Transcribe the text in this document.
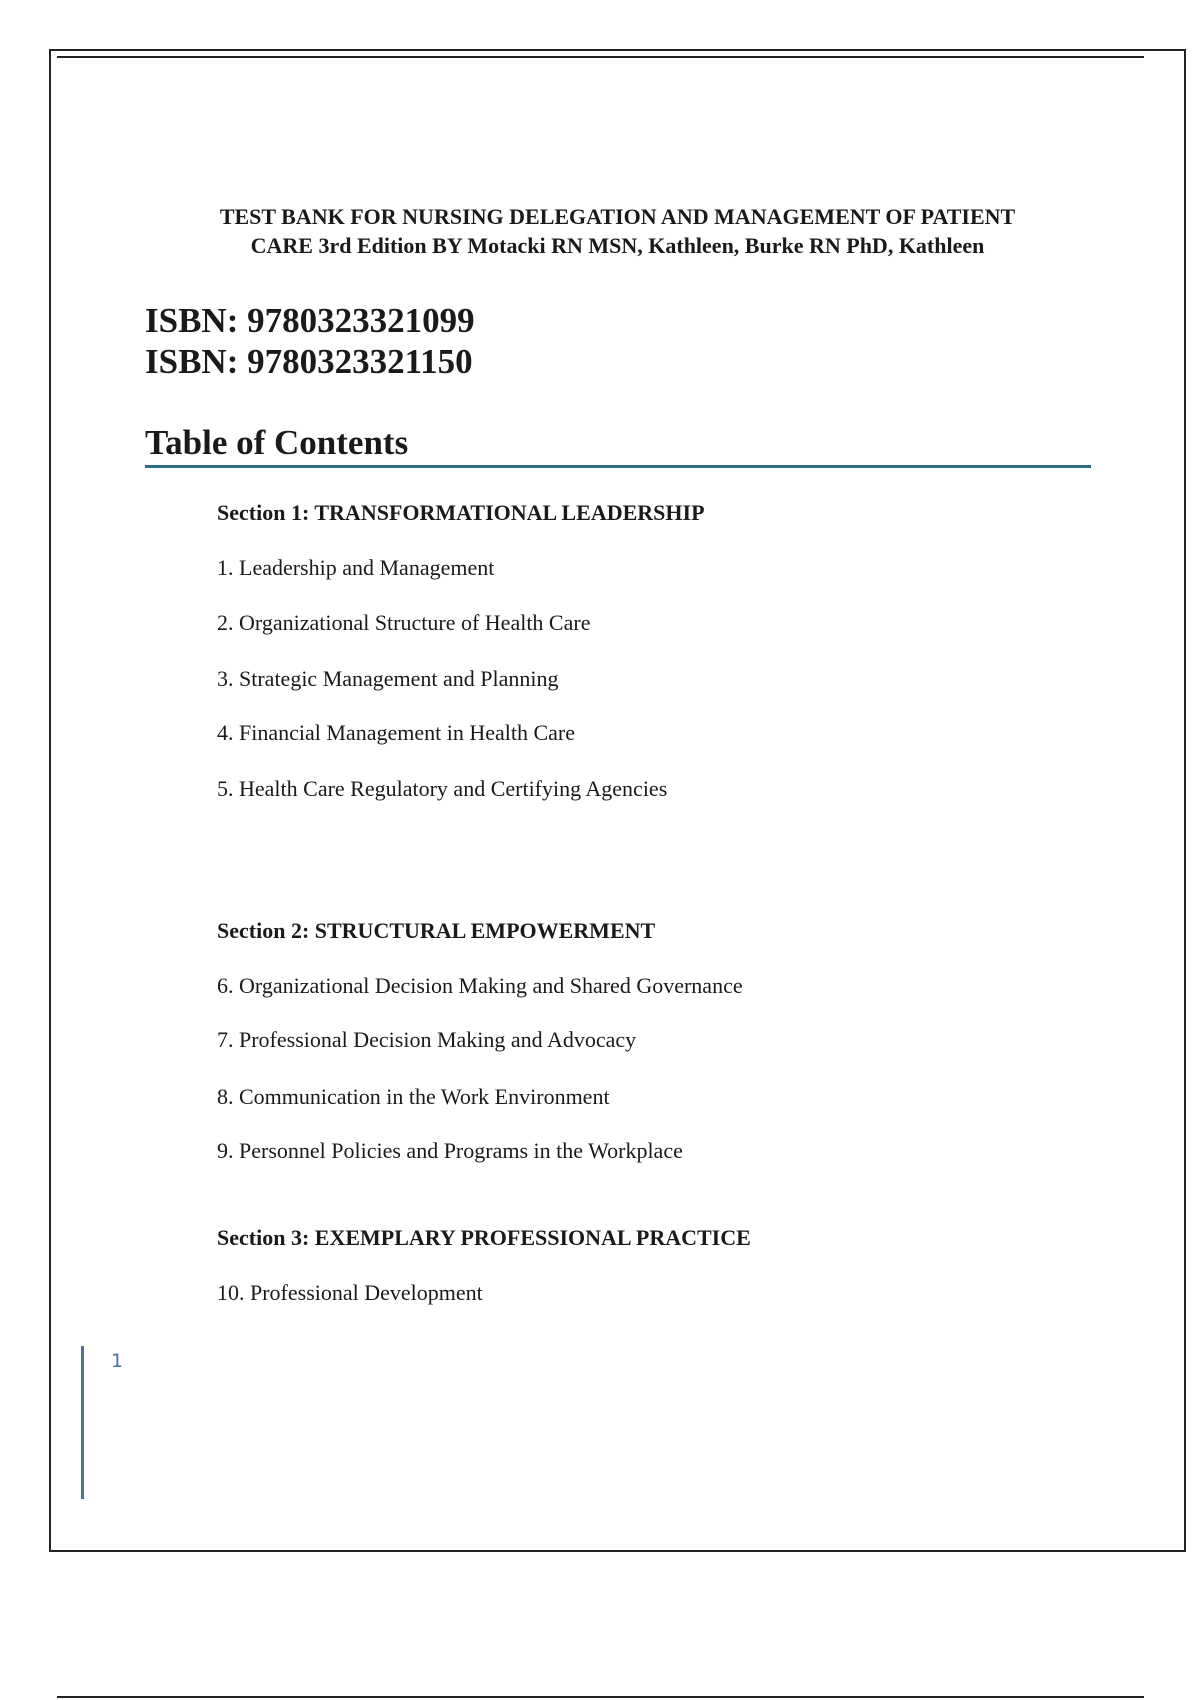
TEST BANK FOR NURSING DELEGATION AND MANAGEMENT OF PATIENT
CARE 3rd Edition BY Motacki RN MSN, Kathleen, Burke RN PhD, Kathleen
ISBN: 9780323321099
ISBN: 9780323321150
Table of Contents

Section 1: TRANSFORMATIONAL LEADERSHIP

1. Leadership and Management

2. Organizational Structure of Health Care

3. Strategic Management and Planning

4. Financial Management in Health Care

5. Health Care Regulatory and Certifying Agencies

Section 2: STRUCTURAL EMPOWERMENT

6. Organizational Decision Making and Shared Governance

7. Professional Decision Making and Advocacy

8. Communication in the Work Environment

9. Personnel Policies and Programs in the Workplace

Section 3: EXEMPLARY PROFESSIONAL PRACTICE

10. Professional Development

1
